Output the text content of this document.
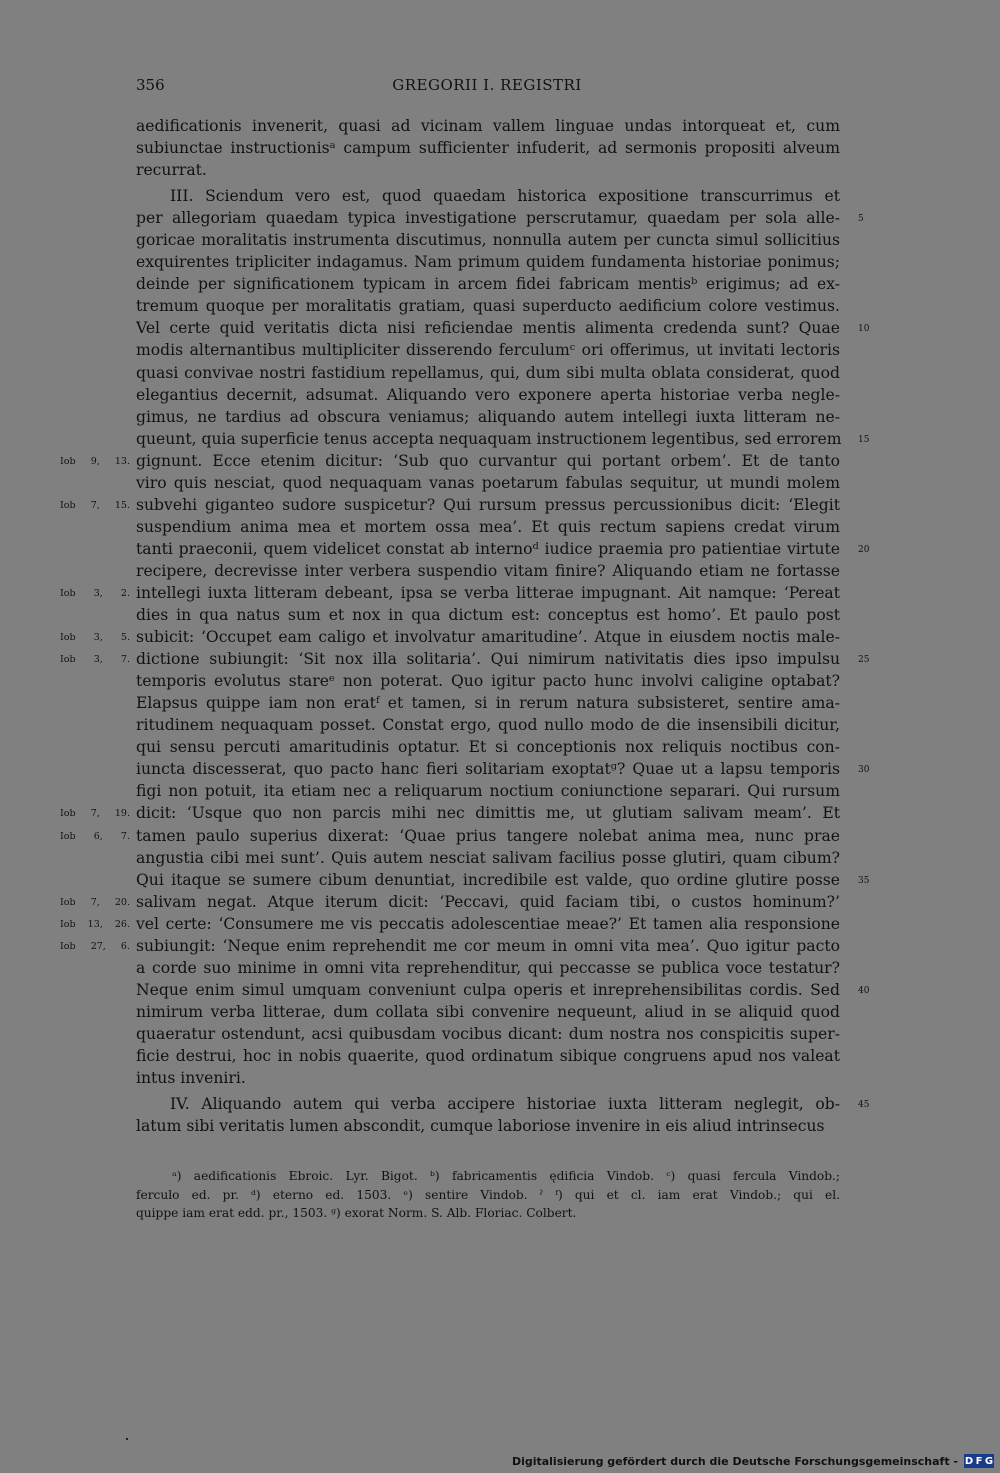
356	GREGORII I. REGISTRI
aedificationis invenerit, quasi ad vicinam vallem linguae undas intorqueat et, cum
subiunctae instructionisᵃ campum sufficienter infuderit, ad sermonis propositi alveum
recurrat.
III. Sciendum vero est, quod quaedam historica expositione transcurrimus et
per allegoriam quaedam typica investigatione perscrutamur, quaedam per sola alle- 5
goricae moralitatis instrumenta discutimus, nonnulla autem per cuncta simul sollicitius
exquirentes tripliciter indagamus. Nam primum quidem fundamenta historiae ponimus;
deinde per significationem typicam in arcem fidei fabricam mentisᵇ erigimus; ad ex-
tremum quoque per moralitatis gratiam, quasi superducto aedificium colore vestimus.
Vel certe quid veritatis dicta nisi reficiendae mentis alimenta credenda sunt? Quae 10
modis alternantibus multipliciter disserendo ferculumᶜ ori offerimus, ut invitati lectoris
quasi convivae nostri fastidium repellamus, qui, dum sibi multa oblata considerat, quod
elegantius decernit, adsumat. Aliquando vero exponere aperta historiae verba negle-
gimus, ne tardius ad obscura veniamus; aliquando autem intellegi iuxta litteram ne-
queunt, quia superficie tenus accepta nequaquam instructionem legentibus, sed errorem 15
gignunt. Ecce etenim dicitur: ‘Sub quo curvantur qui portant orbem’. Et de tanto
Iob 9, 13.
viro quis nesciat, quod nequaquam vanas poetarum fabulas sequitur, ut mundi molem
subvehi giganteo sudore suspicetur? Qui rursum pressus percussionibus dicit: ‘Elegit
Iob 7, 15.
suspendium anima mea et mortem ossa mea’. Et quis rectum sapiens credat virum
tanti praeconii, quem videlicet constat ab internoᵈ iudice praemia pro patientiae virtute 20
recipere, decrevisse inter verbera suspendio vitam finire? Aliquando etiam ne fortasse
intellegi iuxta litteram debeant, ipsa se verba litterae impugnant. Ait namque: ‘Pereat
Iob 3, 2.
dies in qua natus sum et nox in qua dictum est: conceptus est homo’. Et paulo post
subicit: ‘Occupet eam caligo et involvatur amaritudine’. Atque in eiusdem noctis male-
Iob 3, 5.
dictione subiungit: ‘Sit nox illa solitaria’. Qui nimirum nativitatis dies ipso impulsu 25
Iob 3, 7.
temporis evolutus stareᵉ non poterat. Quo igitur pacto hunc involvi caligine optabat?
Elapsus quippe iam non eratᶠ et tamen, si in rerum natura subsisteret, sentire ama-
ritudinem nequaquam posset. Constat ergo, quod nullo modo de die insensibili dicitur,
qui sensu percuti amaritudinis optatur. Et si conceptionis nox reliquis noctibus con-
iuncta discesserat, quo pacto hanc fieri solitariam exoptatᵍ? Quae ut a lapsu temporis 30
figi non potuit, ita etiam nec a reliquarum noctium coniunctione separari. Qui rursum
dicit: ‘Usque quo non parcis mihi nec dimittis me, ut glutiam salivam meam’. Et
Iob 7, 19.
tamen paulo superius dixerat: ‘Quae prius tangere nolebat anima mea, nunc prae
Iob 6, 7.
angustia cibi mei sunt’. Quis autem nesciat salivam facilius posse glutiri, quam cibum?
Qui itaque se sumere cibum denuntiat, incredibile est valde, quo ordine glutire posse 35
salivam negat. Atque iterum dicit: ‘Peccavi, quid faciam tibi, o custos hominum?’
Iob 7, 20.
vel certe: ‘Consumere me vis peccatis adolescentiae meae?’ Et tamen alia responsione
Iob 13, 26.
subiungit: ‘Neque enim reprehendit me cor meum in omni vita mea’. Quo igitur pacto
Iob 27, 6.
a corde suo minime in omni vita reprehenditur, qui peccasse se publica voce testatur?
Neque enim simul umquam conveniunt culpa operis et inreprehensibilitas cordis. Sed 40
nimirum verba litterae, dum collata sibi convenire nequeunt, aliud in se aliquid quod
quaeratur ostendunt, acsi quibusdam vocibus dicant: dum nostra nos conspicitis super-
ficie destrui, hoc in nobis quaerite, quod ordinatum sibique congruens apud nos valeat
intus inveniri.
IV. Aliquando autem qui verba accipere historiae iuxta litteram neglegit, ob- 45
latum sibi veritatis lumen abscondit, cumque laboriose invenire in eis aliud intrinsecus
ᵃ) aedificationis Ebroic. Lyr. Bigot. ᵇ) fabricamentis ędificia Vindob. ᶜ) quasi fercula Vindob.;
ferculo ed. pr. ᵈ) eterno ed. 1503. ᵉ) sentire Vindob. ˀ ᶠ) qui et cl. iam erat Vindob.; qui el.
quippe iam erat edd. pr., 1503. ᵍ) exorat Norm. S. Alb. Floriac. Colbert.
Digitalisierung gefördert durch die Deutsche Forschungsgemeinschaft - D F G
